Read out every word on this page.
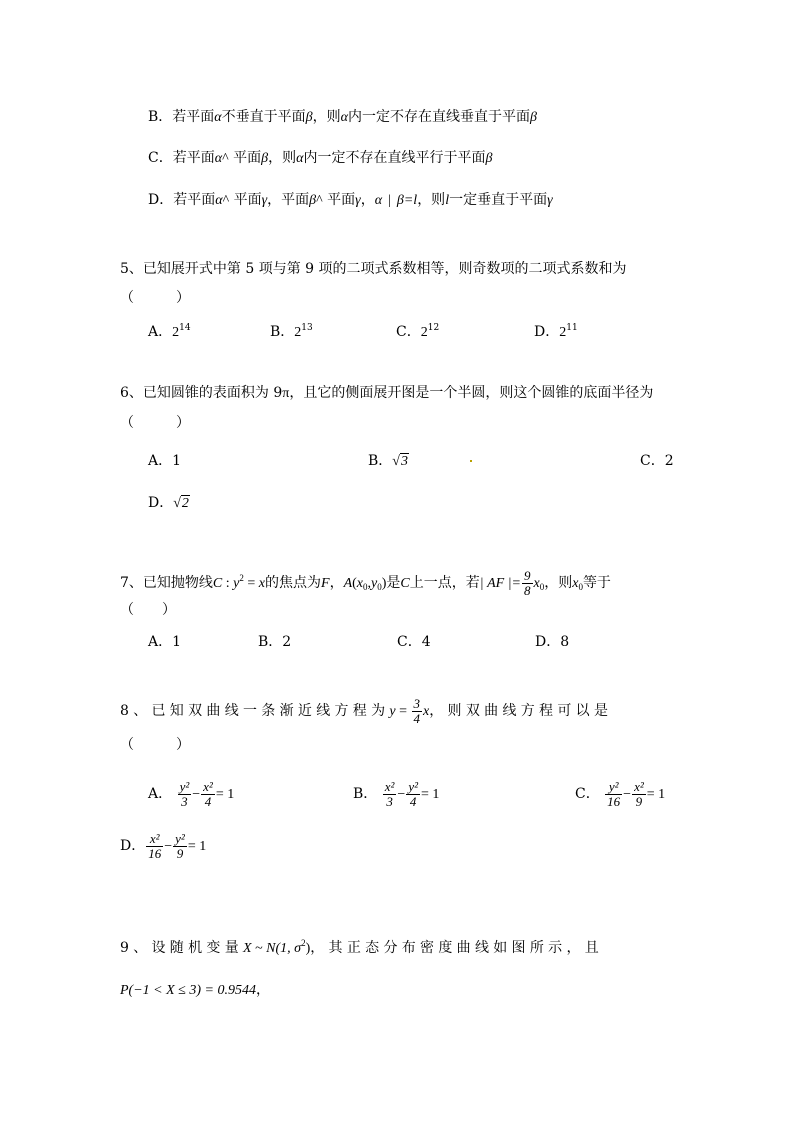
B．若平面α不垂直于平面β，则α内一定不存在直线垂直于平面β
C．若平面α^ 平面β，则α内一定不存在直线平行于平面β
D．若平面α^ 平面γ，平面β^ 平面γ，α | β=l，则l一定垂直于平面γ
5、已知展开式中第 5 项与第 9 项的二项式系数相等，则奇数项的二项式系数和为
（　　　）
A．$2^{14}$	B．$2^{13}$	C．$2^{12}$	D．$2^{11}$
6、已知圆锥的表面积为 9π，且它的侧面展开图是一个半圆，则这个圆锥的底面半径为
（　　　）
A．1	B．√3	C．2
D．√2
7、已知抛物线C : $y^2 = x$的焦点为F，$A(x_0,y_0)$是C上一点，若| AF |= $\frac{9}{8} x_0$，则$x_0$等于
（　　）
A．1	B．2	C．4	D．8
8、已知双曲线一条渐近线方程为$y = \frac{3}{4}$ x，则双曲线方程可以是
（　　　）
A． $\frac{\text{y²}}{3} - \frac{\text{x²}}{4} = 1$	B． $\frac{\text{x²}}{3} - \frac{\text{y²}}{4} = 1$	C． $\frac{\text{y²}}{16} - \frac{\text{x²}}{9} = 1$
D． $\frac{\text{x²}}{16} - \frac{\text{y²}}{9} = 1$
9、设随机变量X ~ N(1, $\sigma^2$)，其正态分布密度曲线如图所示，且
P(−1 < X ≤ 3) = 0.9544，
